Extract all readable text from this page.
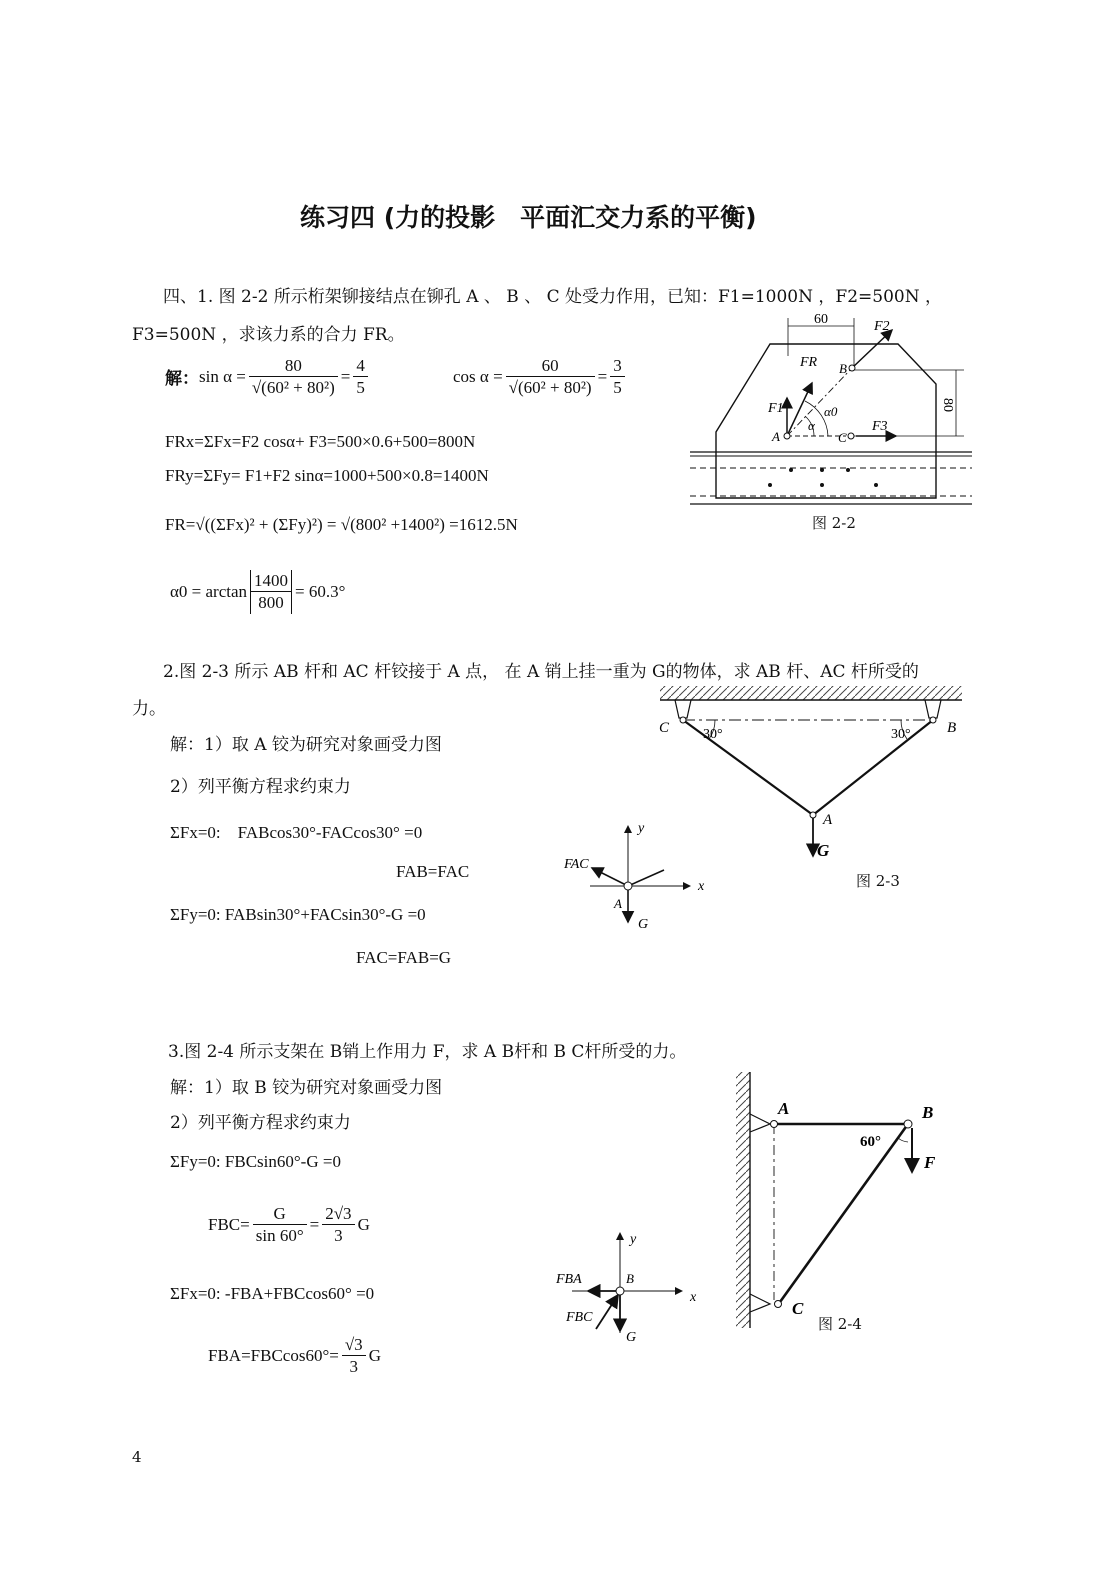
练习四 (力的投影　平面汇交力系的平衡)
四、1. 图 2-2 所示桁架铆接结点在铆孔 A 、 B 、 C 处受力作用，已知：F1=1000N ，F2=500N ，
F3=500N ，求该力系的合力 FR。
解： $\sin \alpha = \frac{80}{\text{√(60² + 80²)}} = \frac{4}{5}$	$\cos \alpha = \frac{60}{\text{√(60² + 80²)}} = \frac{3}{5}$
FRx=ΣFx=F2 cosα+ F3=500×0.6+500=800N
FRy=ΣFy= F1+F2 sinα=1000+500×0.8=1400N
FR=√((ΣFx)² + (ΣFy)²) = √(800² +1400²) =1612.5N
$\alpha 0 = \arctan \frac{1400}{800} = 60.3^\circ$
60
80
F2
FR B
F1	α0
α
A	C
F3
图 2-2
2.图 2-3 所示 AB 杆和 AC 杆铰接于 A 点， 在 A 销上挂一重为 G的物体，求 AB 杆、AC 杆所受的
力。
解：1）取 A 铰为研究对象画受力图
2）列平衡方程求约束力
ΣFx=0:　FABcos30°-FACcos30° =0
FAB=FAC
ΣFy=0: FABsin30°+FACsin30°-G =0
FAC=FAB=G
y
x
FAC
A
G
C	B
30°	30°
A
G
图 2-3
3.图 2-4 所示支架在 B销上作用力 F，求 A B杆和 B C杆所受的力。
解：1）取 B 铰为研究对象画受力图
2）列平衡方程求约束力
ΣFy=0: FBCsin60°-G =0
$FBC= \frac{G}{\sin 60^\circ} = \frac{2√3}{3}$ G
ΣFx=0: -FBA+FBCcos60° =0
$FBA=FBCcos60^\circ= \frac{√3}{3}$ G
y
x
FBA	B
FBC
G
A	B
60°
F
C
图 2-4
4
